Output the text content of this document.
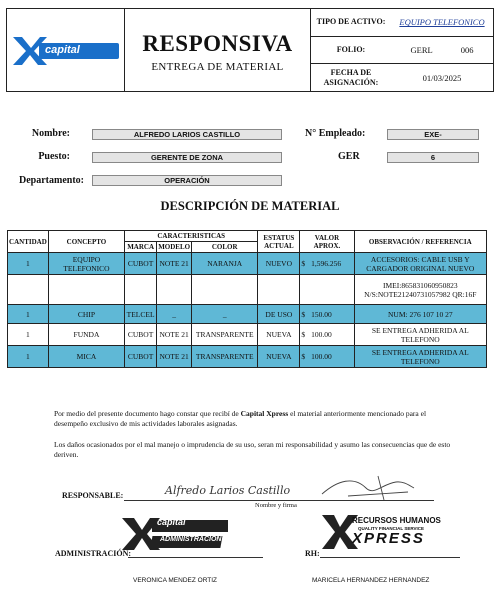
capital	RESPONSIVA
ENTREGA DE MATERIAL
TIPO DE ACTIVO:	EQUIPO TELEFONICO
FOLIO:	GERL	006
FECHA DE
ASIGNACIÓN:	01/03/2025
Nombre:	ALFREDO LARIOS CASTILLO
Puesto:	GERENTE DE ZONA
Departamento:	OPERACIÓN
N° Empleado:	EXE-
GER	6
DESCRIPCIÓN DE MATERIAL
CANTIDAD	CONCEPTO	CARACTERISTICAS			ESTATUS ACTUAL	VALOR APROX.	OBSERVACIÓN / REFERENCIA
		MARCA	MODELO	COLOR			
1	EQUIPO TELEFONICO	CUBOT	NOTE 21	NARANJA	NUEVO	$ 1,596.256	ACCESORIOS: CABLE USB Y CARGADOR ORIGINAL NUEVO
							IMEI:865831060950823 N/S:NOTE21240731057982 QR:16F
1	CHIP	TELCEL	_	_	DE USO	$ 150.00	NUM: 276 107 10 27
1	FUNDA	CUBOT	NOTE 21	TRANSPARENTE	NUEVA	$ 100.00	SE ENTREGA ADHERIDA AL TELEFONO
1	MICA	CUBOT	NOTE 21	TRANSPARENTE	NUEVA	$ 100.00	SE ENTREGA ADHERIDA AL TELEFONO
Por medio del presente documento hago constar que recibí de Capital Xpress el material anteriormente mencionado para el desempeño exclusivo de mis actividades laborales asignadas.
Los daños ocasionados por el mal manejo o imprudencia de su uso, seran mi responsabilidad y asumo las consecuencias que de esto deriven.
RESPONSABLE:	Alfredo Larios Castillo
Nombre y firma
capital
ADMINISTRACIÓN
RECURSOS HUMANOS
QUALITY FINANCIAL SERVICE
XPRESS
ADMINISTRACIÓN:	RH:
VERONICA MENDEZ ORTIZ	MARICELA HERNANDEZ HERNANDEZ
